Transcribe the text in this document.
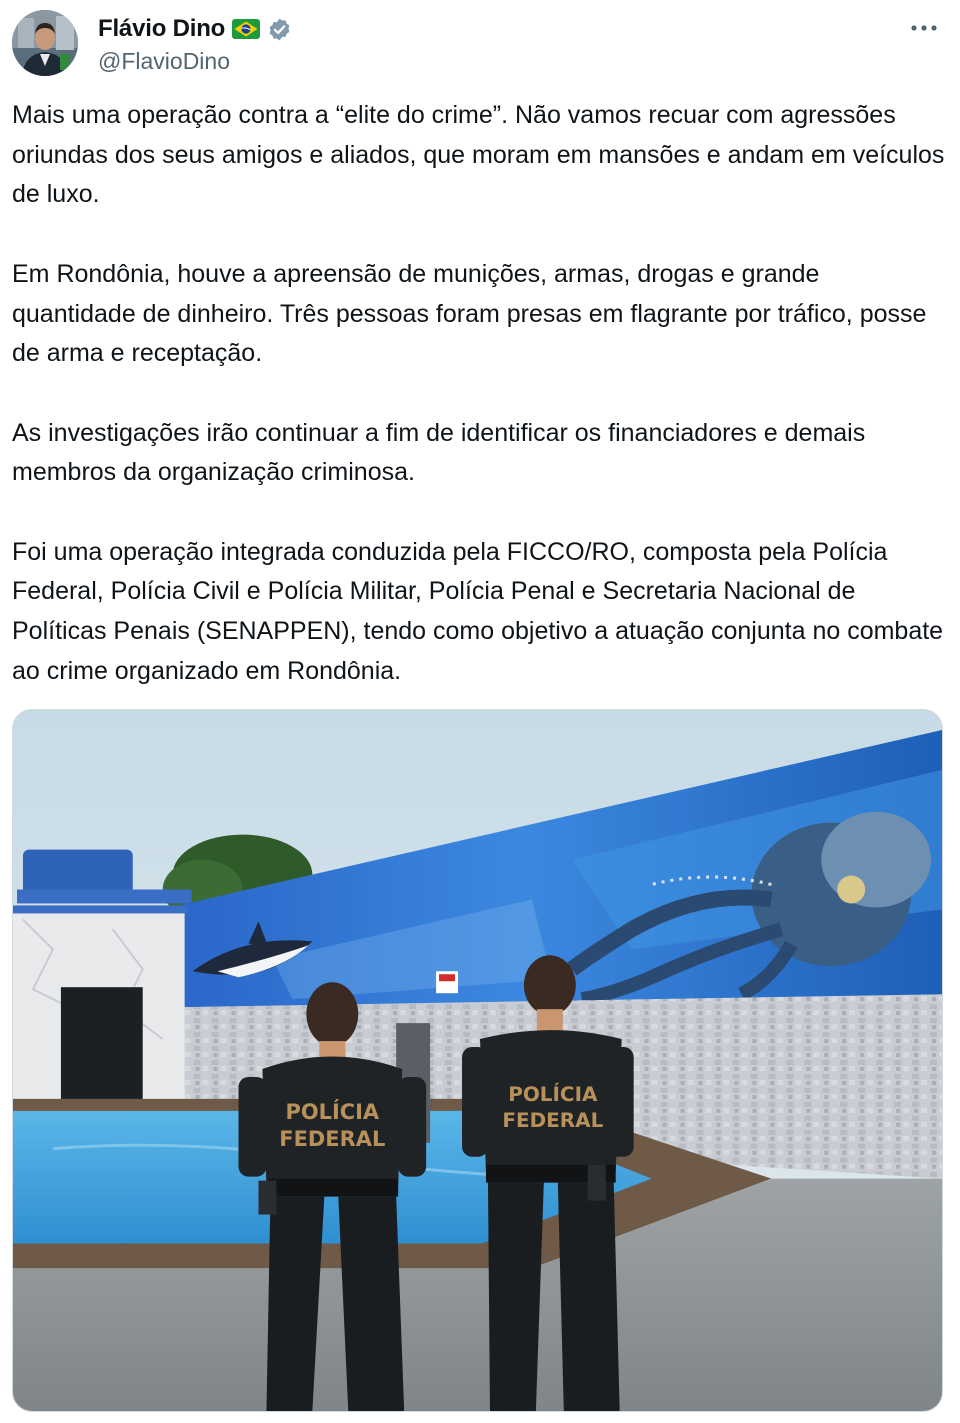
Flávio Dino
@FlavioDino

Mais uma operação contra a “elite do crime”. Não vamos recuar com agressões oriundas dos seus amigos e aliados, que moram em mansões e andam em veículos de luxo.

Em Rondônia, houve a apreensão de munições, armas, drogas e grande quantidade de dinheiro. Três pessoas foram presas em flagrante por tráfico, posse de arma e receptação.

As investigações irão continuar a fim de identificar os financiadores e demais membros da organização criminosa.

Foi uma operação integrada conduzida pela FICCO/RO, composta pela Polícia Federal, Polícia Civil e Polícia Militar, Polícia Penal e Secretaria Nacional de Políticas Penais (SENAPPEN), tendo como objetivo a atuação conjunta no combate ao crime organizado em Rondônia.

POLÍCIA
FEDERAL
POLÍCIA
FEDERAL
